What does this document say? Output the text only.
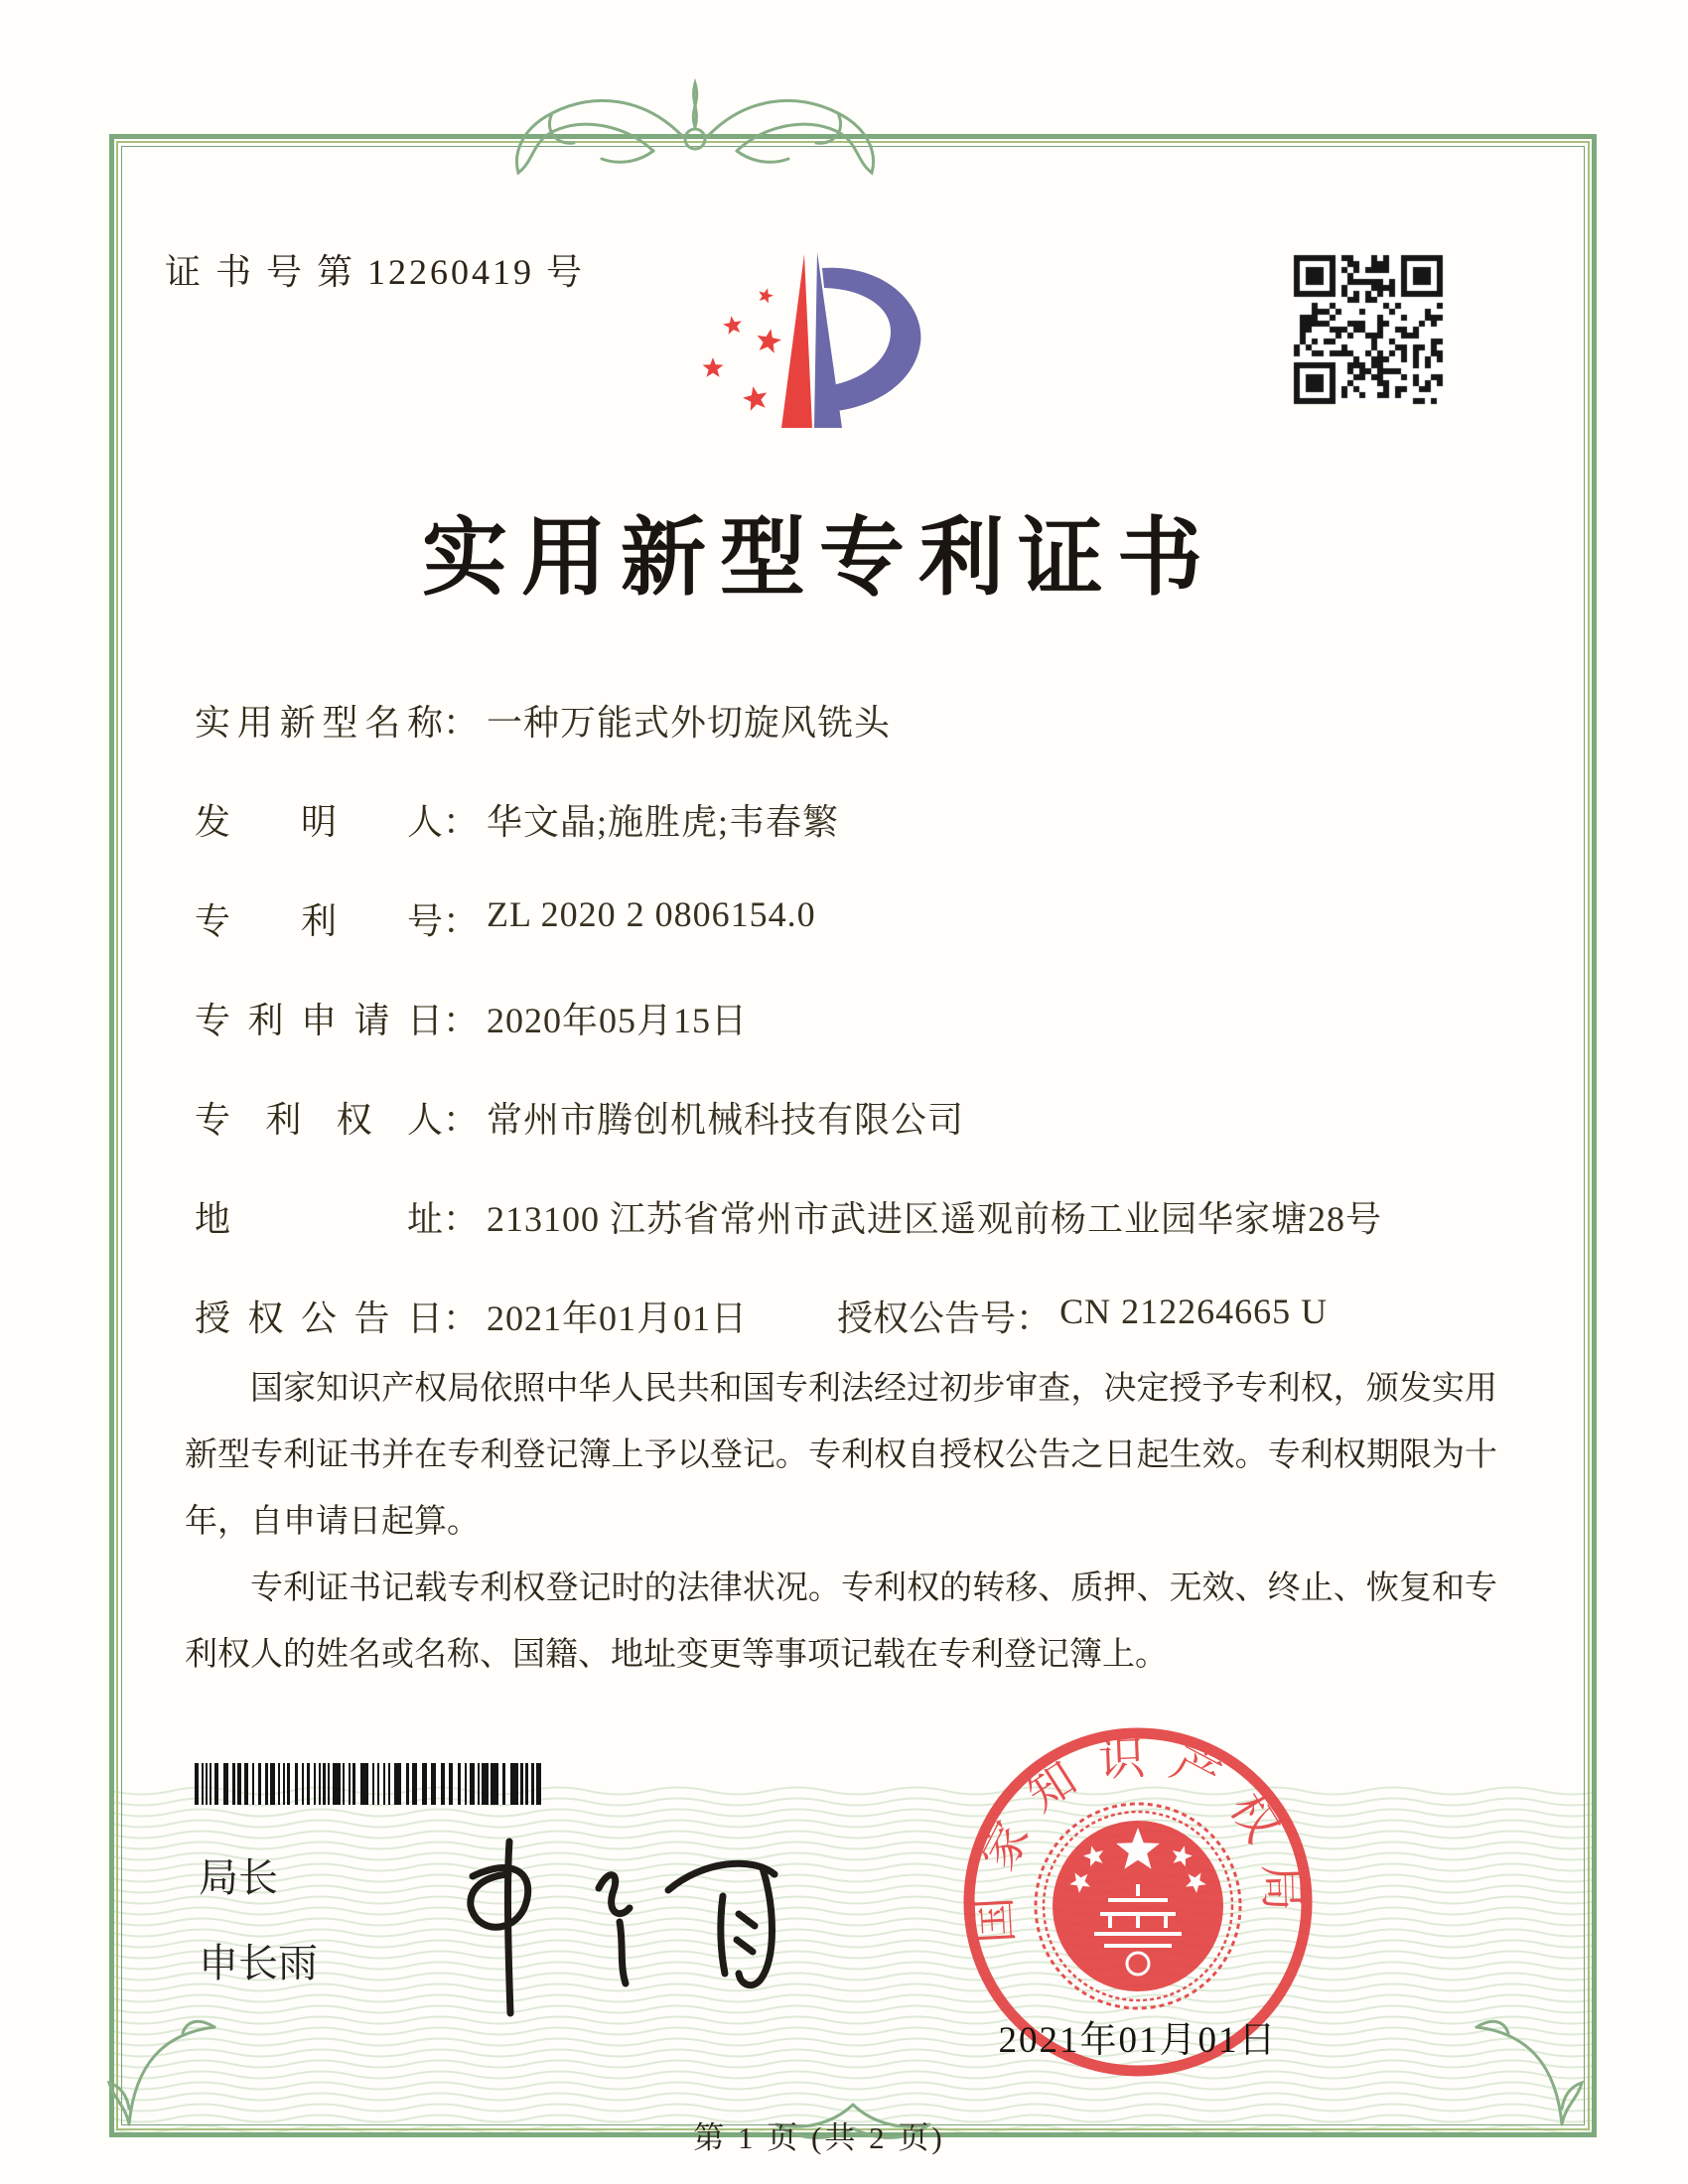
证 书 号 第 12260419 号
实用新型专利证书
实用新型名称： 一种万能式外切旋风铣头
发明人： 华文晶;施胜虎;韦春繁
专利号： ZL 2020 2 0806154.0
专利申请日： 2020年05月15日
专利权人： 常州市腾创机械科技有限公司
地址： 213100 江苏省常州市武进区遥观前杨工业园华家塘28号
授权公告日： 2021年01月01日	授权公告号： CN 212264665 U

国家知识产权局依照中华人民共和国专利法经过初步审查，决定授予专利权，颁发实用新型专利证书并在专利登记簿上予以登记。专利权自授权公告之日起生效。专利权期限为十年，自申请日起算。

专利证书记载专利权登记时的法律状况。专利权的转移、质押、无效、终止、恢复和专利权人的姓名或名称、国籍、地址变更等事项记载在专利登记簿上。

局长
申长雨
国家知识产权局
2021年01月01日
第 1 页 (共 2 页)
